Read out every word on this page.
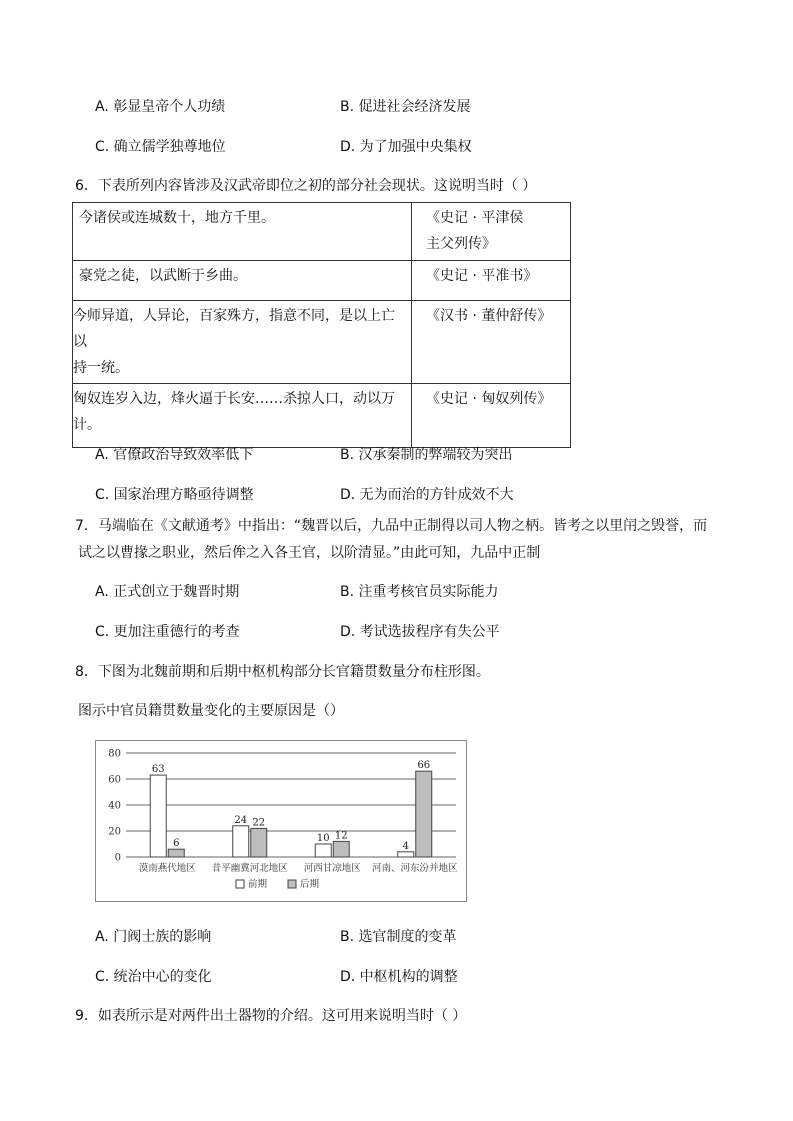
A. 彰显皇帝个人功绩	B. 促进社会经济发展
C. 确立儒学独尊地位	D. 为了加强中央集权
6．下表所列内容皆涉及汉武帝即位之初的部分社会现状。这说明当时（ ）
今诸侯或连城数十，地方千里。	《史记 · 平津侯
主父列传》

豪党之徒，以武断于乡曲。	《史记 · 平准书》

今师异道，人异论，百家殊方，指意不同，是以上亡以
持一统。	《汉书 · 董仲舒传》

匈奴连岁入边，烽火逼于长安……杀掠人口，动以万
计。	《史记 · 匈奴列传》
A. 官僚政治导致效率低下	B. 汉承秦制的弊端较为突出
C. 国家治理方略亟待调整	D. 无为而治的方针成效不大
7．马端临在《文献通考》中指出：“魏晋以后，九品中正制得以司人物之柄。皆考之以里闬之毁誉，而
试之以曹掾之职业，然后侔之入各王官，以阶清显。”由此可知，九品中正制
A. 正式创立于魏晋时期	B. 注重考核官员实际能力
C. 更加注重德行的考查	D. 考试选拔程序有失公平
8．下图为北魏前期和后期中枢机构部分长官籍贯数量分布柱形图。
图示中官员籍贯数量变化的主要原因是（）
0
20
40
60
80
63
6
漠南燕代地区
24 22
昔平幽冀河北地区
10 12
河西甘凉地区
4
66
河南、河东汾并地区
前期	后期
A. 门阀士族的影响	B. 选官制度的变革
C. 统治中心的变化	D. 中枢机构的调整
9．如表所示是对两件出土器物的介绍。这可用来说明当时（ ）
